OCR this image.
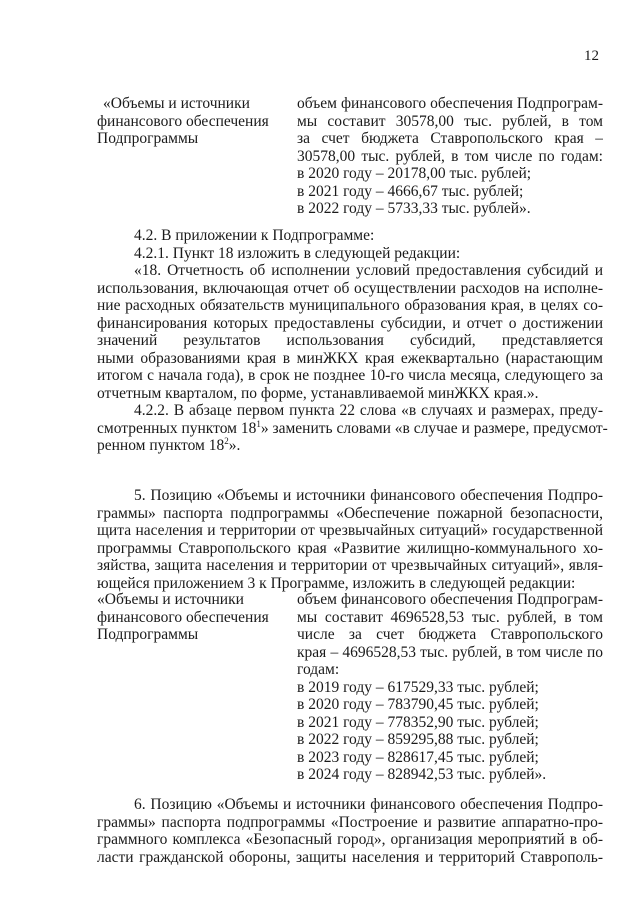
12
«Объемы и источники
финансового обеспечения
Подпрограммы
объем финансового обеспечения Подпрограм-
мы составит 30578,00 тыс. рублей, в том
за счет бюджета Ставропольского края –
30578,00 тыс. рублей, в том числе по годам:
в 2020 году – 20178,00 тыс. рублей;
в 2021 году – 4666,67 тыс. рублей;
в 2022 году – 5733,33 тыс. рублей».
4.2. В приложении к Подпрограмме:
4.2.1. Пункт 18 изложить в следующей редакции:
«18. Отчетность об исполнении условий предоставления субсидий и
использования, включающая отчет об осуществлении расходов на исполне-
ние расходных обязательств муниципального образования края, в целях со-
финансирования которых предоставлены субсидии, и отчет о достижении
значений результатов использования субсидий, представляется
ными образованиями края в минЖКХ края ежеквартально (нарастающим
итогом с начала года), в срок не позднее 10-го числа месяца, следующего за
отчетным кварталом, по форме, устанавливаемой минЖКХ края.».
4.2.2. В абзаце первом пункта 22 слова «в случаях и размерах, преду-
смотренных пунктом $18^1$» заменить словами «в случае и размере, предусмот-
ренном пунктом $18^2$».
5. Позицию «Объемы и источники финансового обеспечения Подпро-
граммы» паспорта подпрограммы «Обеспечение пожарной безопасности,
щита населения и территории от чрезвычайных ситуаций» государственной
программы Ставропольского края «Развитие жилищно-коммунального хо-
зяйства, защита населения и территории от чрезвычайных ситуаций», явля-
ющейся приложением 3 к Программе, изложить в следующей редакции:
«Объемы и источники
финансового обеспечения
Подпрограммы
объем финансового обеспечения Подпрограм-
мы составит 4696528,53 тыс. рублей, в том
числе за счет бюджета Ставропольского
края – 4696528,53 тыс. рублей, в том числе по
годам:
в 2019 году – 617529,33 тыс. рублей;
в 2020 году – 783790,45 тыс. рублей;
в 2021 году – 778352,90 тыс. рублей;
в 2022 году – 859295,88 тыс. рублей;
в 2023 году – 828617,45 тыс. рублей;
в 2024 году – 828942,53 тыс. рублей».
6. Позицию «Объемы и источники финансового обеспечения Подпро-
граммы» паспорта подпрограммы «Построение и развитие аппаратно-про-
граммного комплекса «Безопасный город», организация мероприятий в об-
ласти гражданской обороны, защиты населения и территорий Ставрополь-
